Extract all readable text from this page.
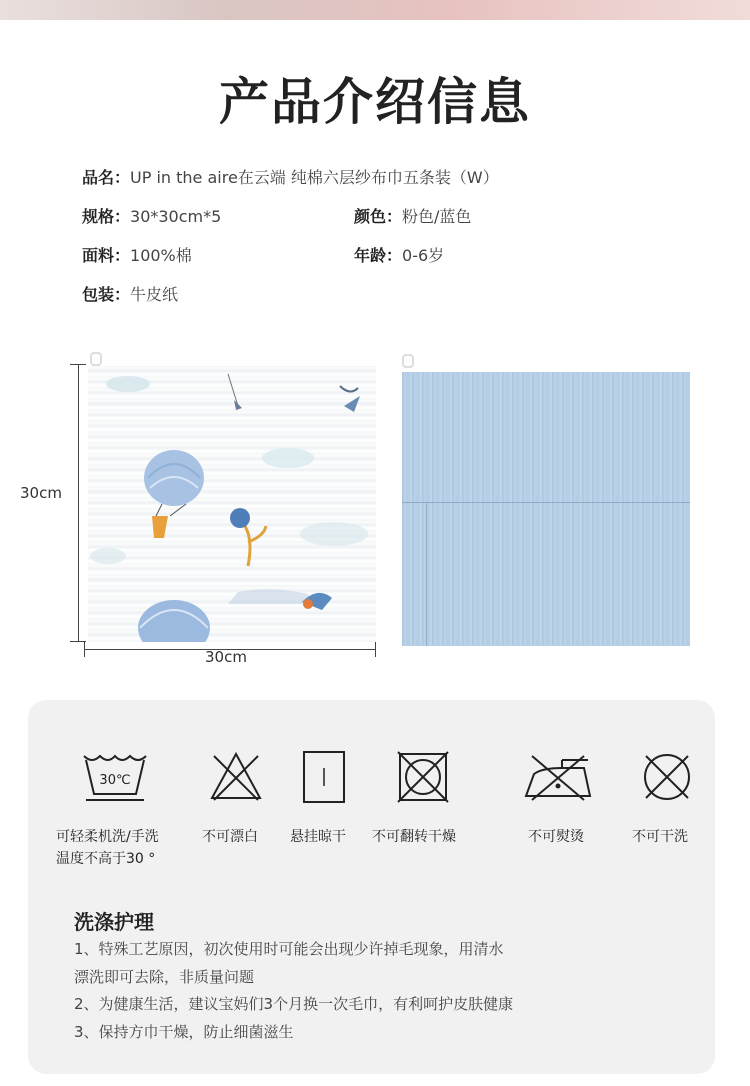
产品介绍信息
品名：UP in the aire在云端 纯棉六层纱布巾五条装（W）
规格：30*30cm*5	颜色：粉色/蓝色
面料：100%棉	年龄：0-6岁
包装：牛皮纸
30cm
30cm
30℃
可轻柔机洗/手洗
温度不高于30 °
不可漂白 悬挂晾干 不可翻转干燥	不可熨烫	不可干洗
洗涤护理
1、特殊工艺原因，初次使用时可能会出现少许掉毛现象，用清水
漂洗即可去除，非质量问题
2、为健康生活，建议宝妈们3个月换一次毛巾，有利呵护皮肤健康
3、保持方巾干燥，防止细菌滋生
